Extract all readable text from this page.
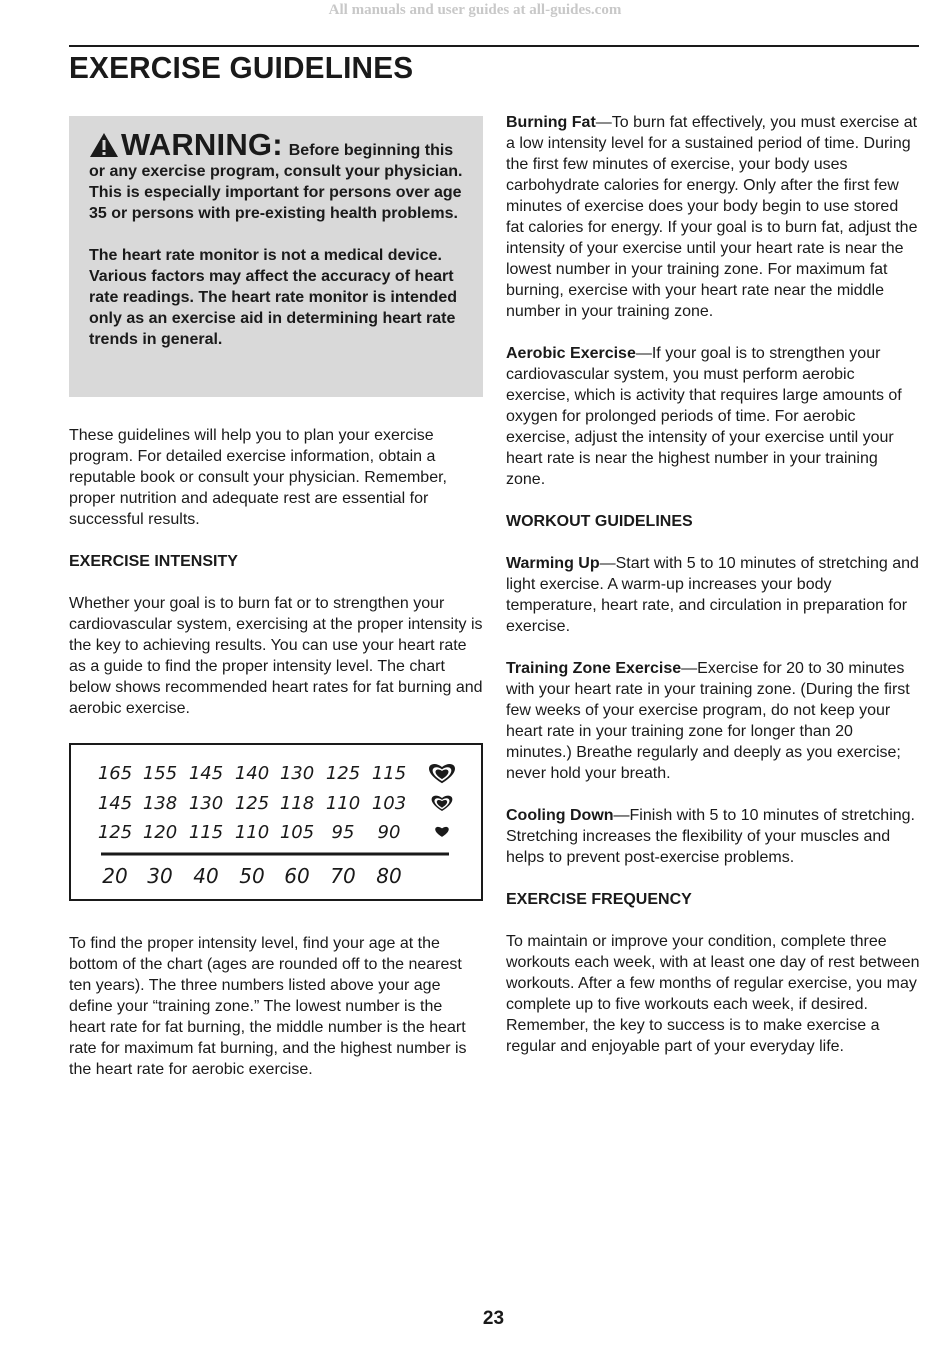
All manuals and user guides at all-guides.com
EXERCISE GUIDELINES

WARNING: Before beginning this or any exercise program, consult your physician. This is especially important for persons over age 35 or persons with pre-existing health problems.

The heart rate monitor is not a medical device. Various factors may affect the accuracy of heart rate readings. The heart rate monitor is intended only as an exercise aid in determining heart rate trends in general.

These guidelines will help you to plan your exercise program. For detailed exercise information, obtain a reputable book or consult your physician. Remember, proper nutrition and adequate rest are essential for successful results.

EXERCISE INTENSITY

Whether your goal is to burn fat or to strengthen your cardiovascular system, exercising at the proper intensity is the key to achieving results. You can use your heart rate as a guide to find the proper intensity level. The chart below shows recommended heart rates for fat burning and aerobic exercise.

165 155 145 140 130 125 115
145 138 130 125 118 110 103
125 120 115 110 105 95 90
20 30 40 50 60 70 80

To find the proper intensity level, find your age at the bottom of the chart (ages are rounded off to the nearest ten years). The three numbers listed above your age define your “training zone.” The lowest number is the heart rate for fat burning, the middle number is the heart rate for maximum fat burning, and the highest number is the heart rate for aerobic exercise.

Burning Fat—To burn fat effectively, you must exercise at a low intensity level for a sustained period of time. During the first few minutes of exercise, your body uses carbohydrate calories for energy. Only after the first few minutes of exercise does your body begin to use stored fat calories for energy. If your goal is to burn fat, adjust the intensity of your exercise until your heart rate is near the lowest number in your training zone. For maximum fat burning, exercise with your heart rate near the middle number in your training zone.

Aerobic Exercise—If your goal is to strengthen your cardiovascular system, you must perform aerobic exercise, which is activity that requires large amounts of oxygen for prolonged periods of time. For aerobic exercise, adjust the intensity of your exercise until your heart rate is near the highest number in your training zone.

WORKOUT GUIDELINES

Warming Up—Start with 5 to 10 minutes of stretching and light exercise. A warm-up increases your body temperature, heart rate, and circulation in preparation for exercise.

Training Zone Exercise—Exercise for 20 to 30 minutes with your heart rate in your training zone. (During the first few weeks of your exercise program, do not keep your heart rate in your training zone for longer than 20 minutes.) Breathe regularly and deeply as you exercise; never hold your breath.

Cooling Down—Finish with 5 to 10 minutes of stretching. Stretching increases the flexibility of your muscles and helps to prevent post-exercise problems.

EXERCISE FREQUENCY

To maintain or improve your condition, complete three workouts each week, with at least one day of rest between workouts. After a few months of regular exercise, you may complete up to five workouts each week, if desired. Remember, the key to success is to make exercise a regular and enjoyable part of your everyday life.

23
